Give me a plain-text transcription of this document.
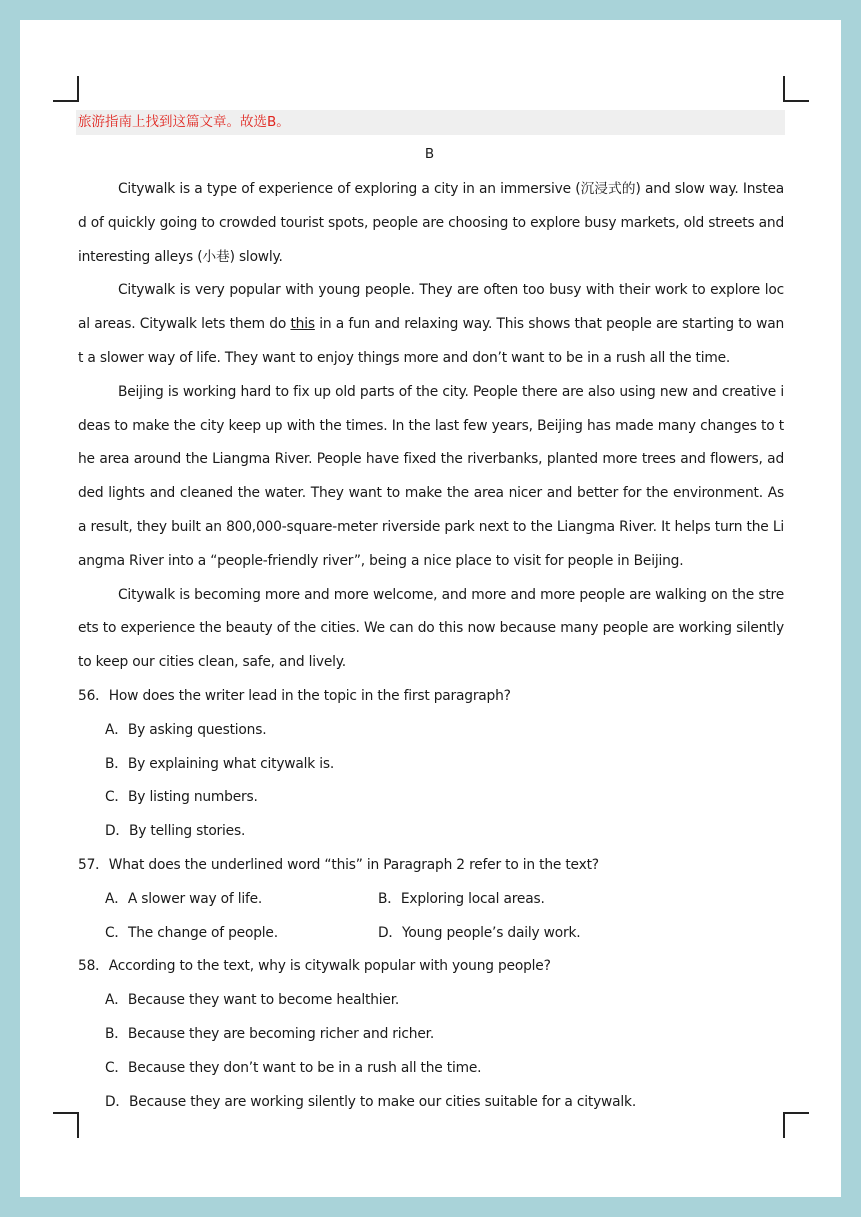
旅游指南上找到这篇文章。故选B。
B

Citywalk is a type of experience of exploring a city in an immersive (沉浸式的) and slow way. Instead of quickly going to crowded tourist spots, people are choosing to explore busy markets, old streets and interesting alleys (小巷) slowly.

Citywalk is very popular with young people. They are often too busy with their work to explore local areas. Citywalk lets them do this in a fun and relaxing way. This shows that people are starting to want a slower way of life. They want to enjoy things more and don’t want to be in a rush all the time.

Beijing is working hard to fix up old parts of the city. People there are also using new and creative ideas to make the city keep up with the times. In the last few years, Beijing has made many changes to the area around the Liangma River. People have fixed the riverbanks, planted more trees and flowers, added lights and cleaned the water. They want to make the area nicer and better for the environment. As a result, they built an 800,000-square-meter riverside park next to the Liangma River. It helps turn the Liangma River into a “people-friendly river”, being a nice place to visit for people in Beijing.

Citywalk is becoming more and more welcome, and more and more people are walking on the streets to experience the beauty of the cities. We can do this now because many people are working silently to keep our cities clean, safe, and lively.

56．How does the writer lead in the topic in the first paragraph?

A．By asking questions.

B．By explaining what citywalk is.

C．By listing numbers.

D．By telling stories.

57．What does the underlined word “this” in Paragraph 2 refer to in the text?

A．A slower way of life.	B．Exploring local areas.
C．The change of people.	D．Young people’s daily work.

58．According to the text, why is citywalk popular with young people?

A．Because they want to become healthier.

B．Because they are becoming richer and richer.

C．Because they don’t want to be in a rush all the time.

D．Because they are working silently to make our cities suitable for a citywalk.
